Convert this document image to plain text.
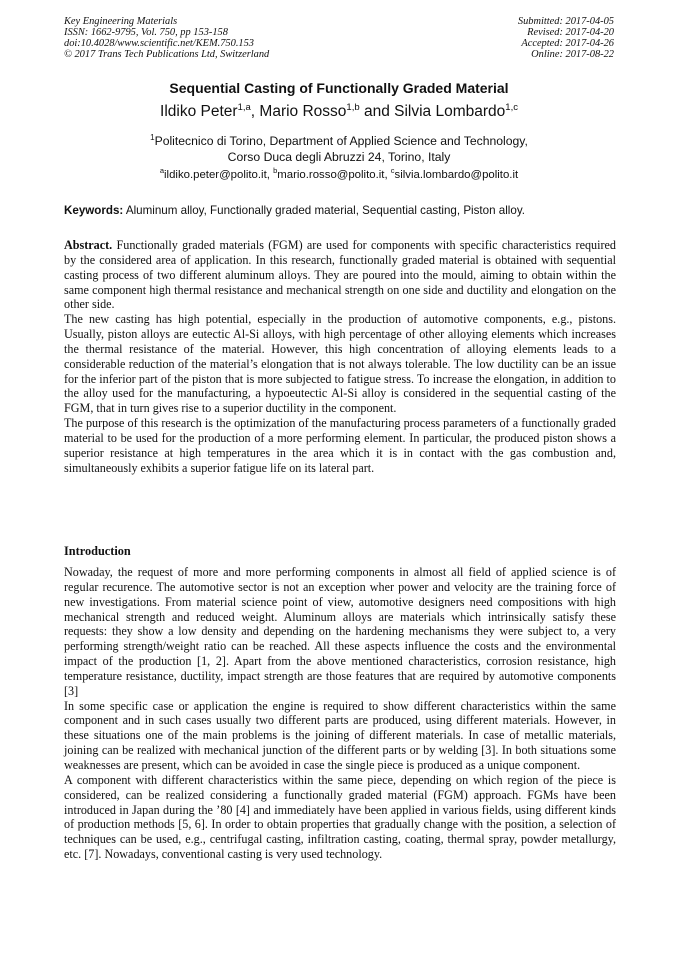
Key Engineering Materials
ISSN: 1662-9795, Vol. 750, pp 153-158
doi:10.4028/www.scientific.net/KEM.750.153
© 2017 Trans Tech Publications Ltd, Switzerland
Submitted: 2017-04-05
Revised: 2017-04-20
Accepted: 2017-04-26
Online: 2017-08-22
Sequential Casting of Functionally Graded Material
Ildiko Peter$^{1,a}$, Mario Rosso$^{1,b}$ and Silvia Lombardo$^{1,c}$
$^1$Politecnico di Torino, Department of Applied Science and Technology,
Corso Duca degli Abruzzi 24, Torino, Italy
$^a$ildiko.peter@polito.it, $^b$mario.rosso@polito.it, $^c$silvia.lombardo@polito.it
Keywords: Aluminum alloy, Functionally graded material, Sequential casting, Piston alloy.

Abstract. Functionally graded materials (FGM) are used for components with specific characteristics required by the considered area of application. In this research, functionally graded material is obtained with sequential casting process of two different aluminum alloys. They are poured into the mould, aiming to obtain within the same component high thermal resistance and mechanical strength on one side and ductility and elongation on the other side.

The new casting has high potential, especially in the production of automotive components, e.g., pistons. Usually, piston alloys are eutectic Al-Si alloys, with high percentage of other alloying elements which increases the thermal resistance of the material. However, this high concentration of alloying elements leads to a considerable reduction of the material’s elongation that is not always tolerable. The low ductility can be an issue for the inferior part of the piston that is more subjected to fatigue stress. To increase the elongation, in addition to the alloy used for the manufacturing, a hypoeutectic Al-Si alloy is considered in the sequential casting of the FGM, that in turn gives rise to a superior ductility in the component.

The purpose of this research is the optimization of the manufacturing process parameters of a functionally graded material to be used for the production of a more performing element. In particular, the produced piston shows a superior resistance at high temperatures in the area which it is in contact with the gas combustion and, simultaneously exhibits a superior fatigue life on its lateral part.

Introduction

Nowaday, the request of more and more performing components in almost all field of applied science is of regular recurence. The automotive sector is not an exception wher power and velocity are the training force of new investigations. From material science point of view, automotive designers need compositions with high mechanical strength and reduced weight. Aluminum alloys are materials which intrinsically satisfy these requests: they show a low density and depending on the hardening mechanisms they were subject to, a very performing strength/weight ratio can be reached. All these aspects influence the costs and the environmental impact of the production [1, 2]. Apart from the above mentioned characteristics, corrosion resistance, high temperature resistance, ductility, impact strength are those features that are required by automotive components [3]

In some specific case or application the engine is required to show different characteristics within the same component and in such cases usually two different parts are produced, using different materials. However, in these situations one of the main problems is the joining of different materials. In case of metallic materials, joining can be realized with mechanical junction of the different parts or by welding [3]. In both situations some weaknesses are present, which can be avoided in case the single piece is produced as a unique component.

A component with different characteristics within the same piece, depending on which region of the piece is considered, can be realized considering a functionally graded material (FGM) approach. FGMs have been introduced in Japan during the ’80 [4] and immediately have been applied in various fields, using different kinds of production methods [5, 6]. In order to obtain properties that gradually change with the position, a selection of techniques can be used, e.g., centrifugal casting, infiltration casting, coating, thermal spray, powder metallurgy, etc. [7]. Nowadays, conventional casting is very used technology.
